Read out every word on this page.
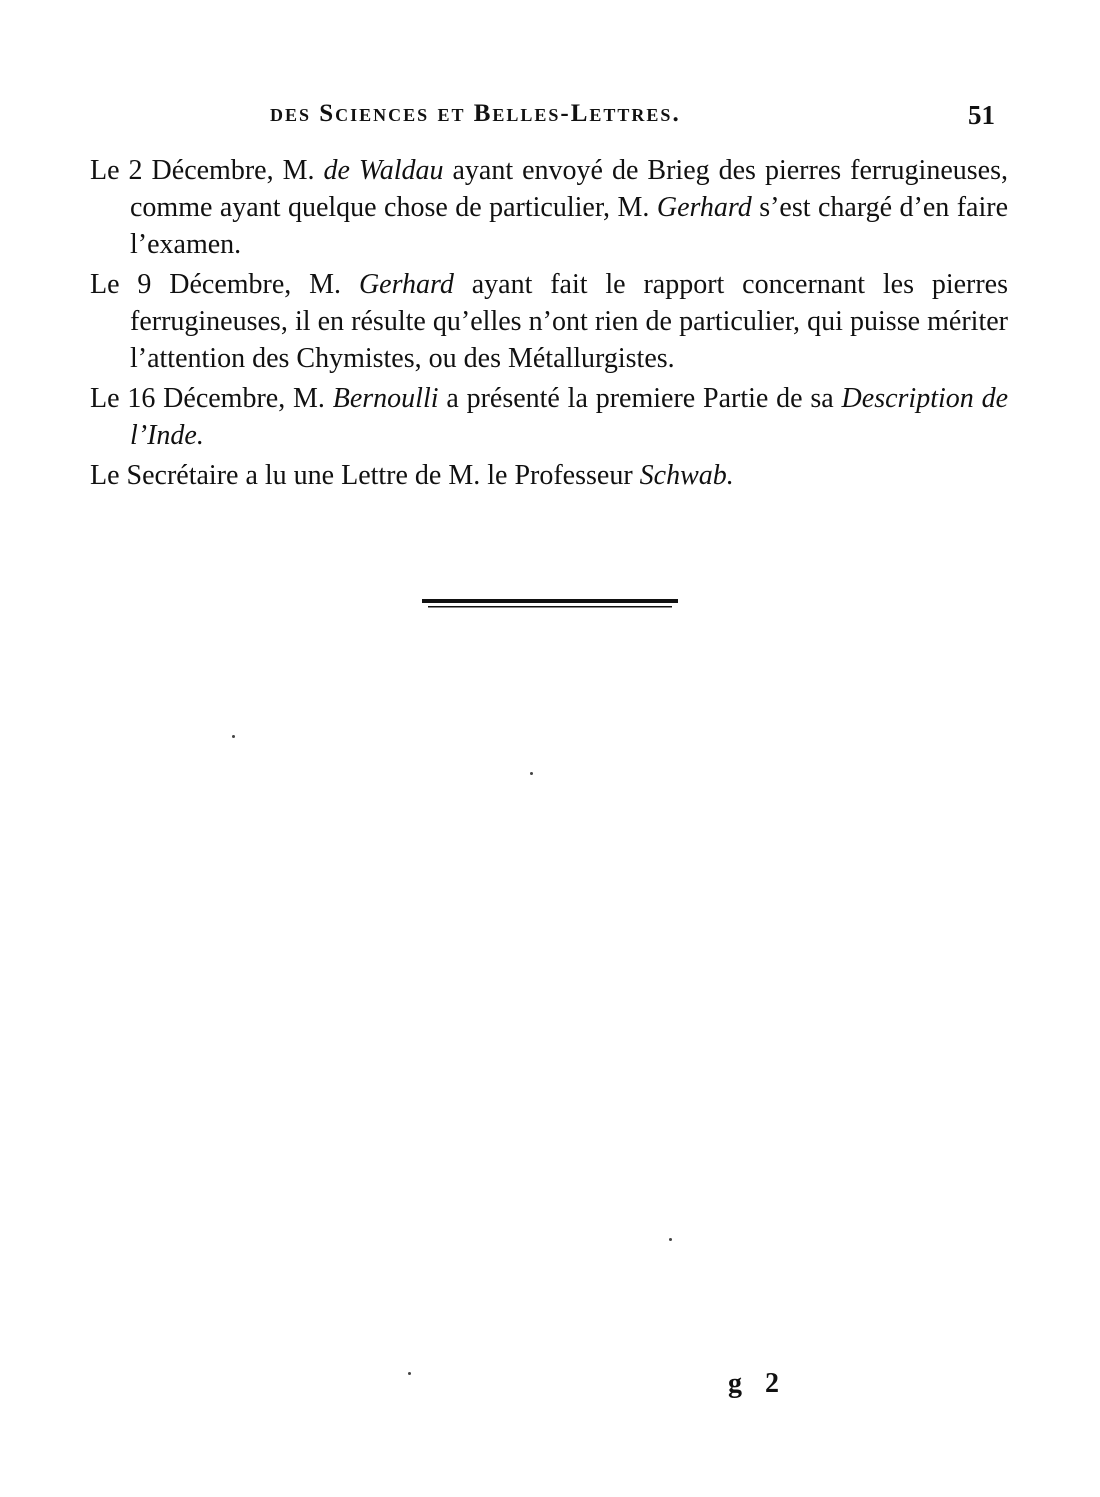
des Sciences et Belles-Lettres.	51

Le 2 Décembre, M. de Waldau ayant envoyé de Brieg des pierres ferrugineuses, comme ayant quelque chose de particulier, M. Gerhard s’est chargé d’en faire l’examen.

Le 9 Décembre, M. Gerhard ayant fait le rapport concernant les pierres ferrugineuses, il en résulte qu’elles n’ont rien de particulier, qui puisse mériter l’attention des Chymistes, ou des Métallurgistes.

Le 16 Décembre, M. Bernoulli a présenté la premiere Partie de sa Description de l’Inde.

Le Secrétaire a lu une Lettre de M. le Professeur Schwab.

g 2
